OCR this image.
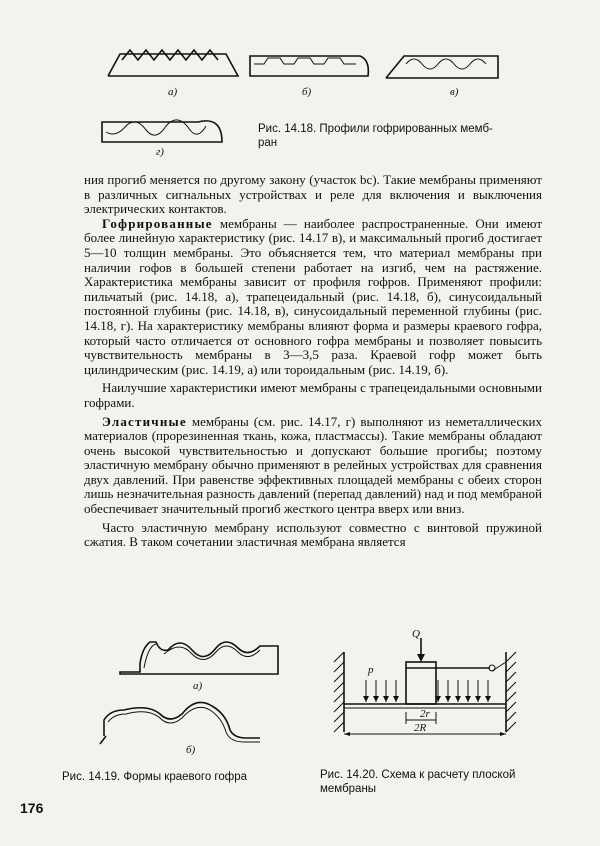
а)	б)	в)
г)
Рис. 14.18. Профили гофрированных мемб-
ран

ния прогиб меняется по другому закону (участок bc). Такие мембраны применяют в различных сигнальных устройствах и реле для включения и выключения электрических контактов.

Гофрированные мембраны — наиболее распространенные. Они имеют более линейную характеристику (рис. 14.17 в), и максимальный прогиб достигает 5—10 толщин мембраны. Это объясняется тем, что материал мембраны при наличии гофов в большей степени работает на изгиб, чем на растяжение. Характеристика мембраны зависит от профиля гофров. Применяют профили: пильчатый (рис. 14.18, а), трапецеидальный (рис. 14.18, б), синусоидальный постоянной глубины (рис. 14.18, в), синусоидальный переменной глубины (рис. 14.18, г). На характеристику мембраны влияют форма и размеры краевого гофра, который часто отличается от основного гофра мембраны и позволяет повысить чувствительность мембраны в 3—3,5 раза. Краевой гофр может быть цилиндрическим (рис. 14.19, а) или тороидальным (рис. 14.19, б).

Наилучшие характеристики имеют мембраны с трапецеидальными основными гофрами.

Эластичные мембраны (см. рис. 14.17, г) выполняют из неметаллических материалов (прорезиненная ткань, кожа, пластмассы). Такие мембраны обладают очень высокой чувствительностью и допускают большие прогибы; поэтому эластичную мембрану обычно применяют в релейных устройствах для сравнения двух давлений. При равенстве эффективных площадей мембраны с обеих сторон лишь незначительная разность давлений (перепад давлений) над и под мембраной обеспечивает значительный прогиб жесткого центра вверх или вниз.

Часто эластичную мембрану используют совместно с винтовой пружиной сжатия. В таком сочетании эластичная мембрана является

а)
б)
Рис. 14.19. Формы краевого гофра
Q
p
2r
2R
Рис. 14.20. Схема к расчету плоской мембраны
176
